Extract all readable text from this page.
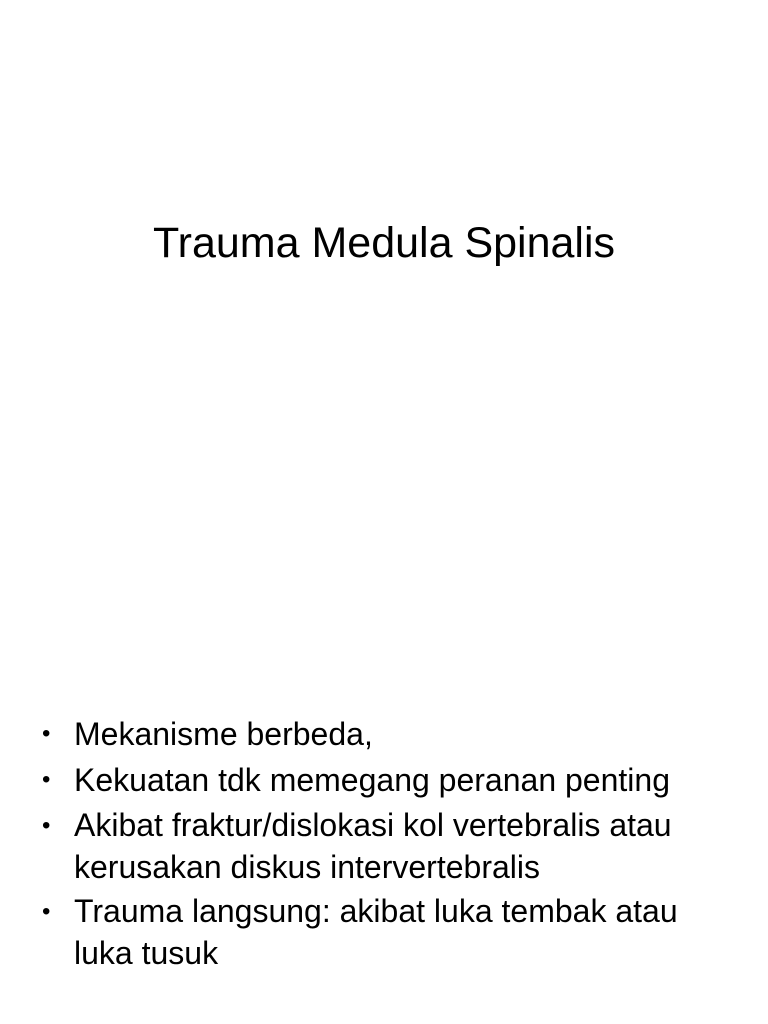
Trauma Medula Spinalis
• Mekanisme berbeda,
• Kekuatan tdk memegang peranan penting
• Akibat fraktur/dislokasi kol vertebralis atau kerusakan diskus intervertebralis
• Trauma langsung: akibat luka tembak atau luka tusuk
